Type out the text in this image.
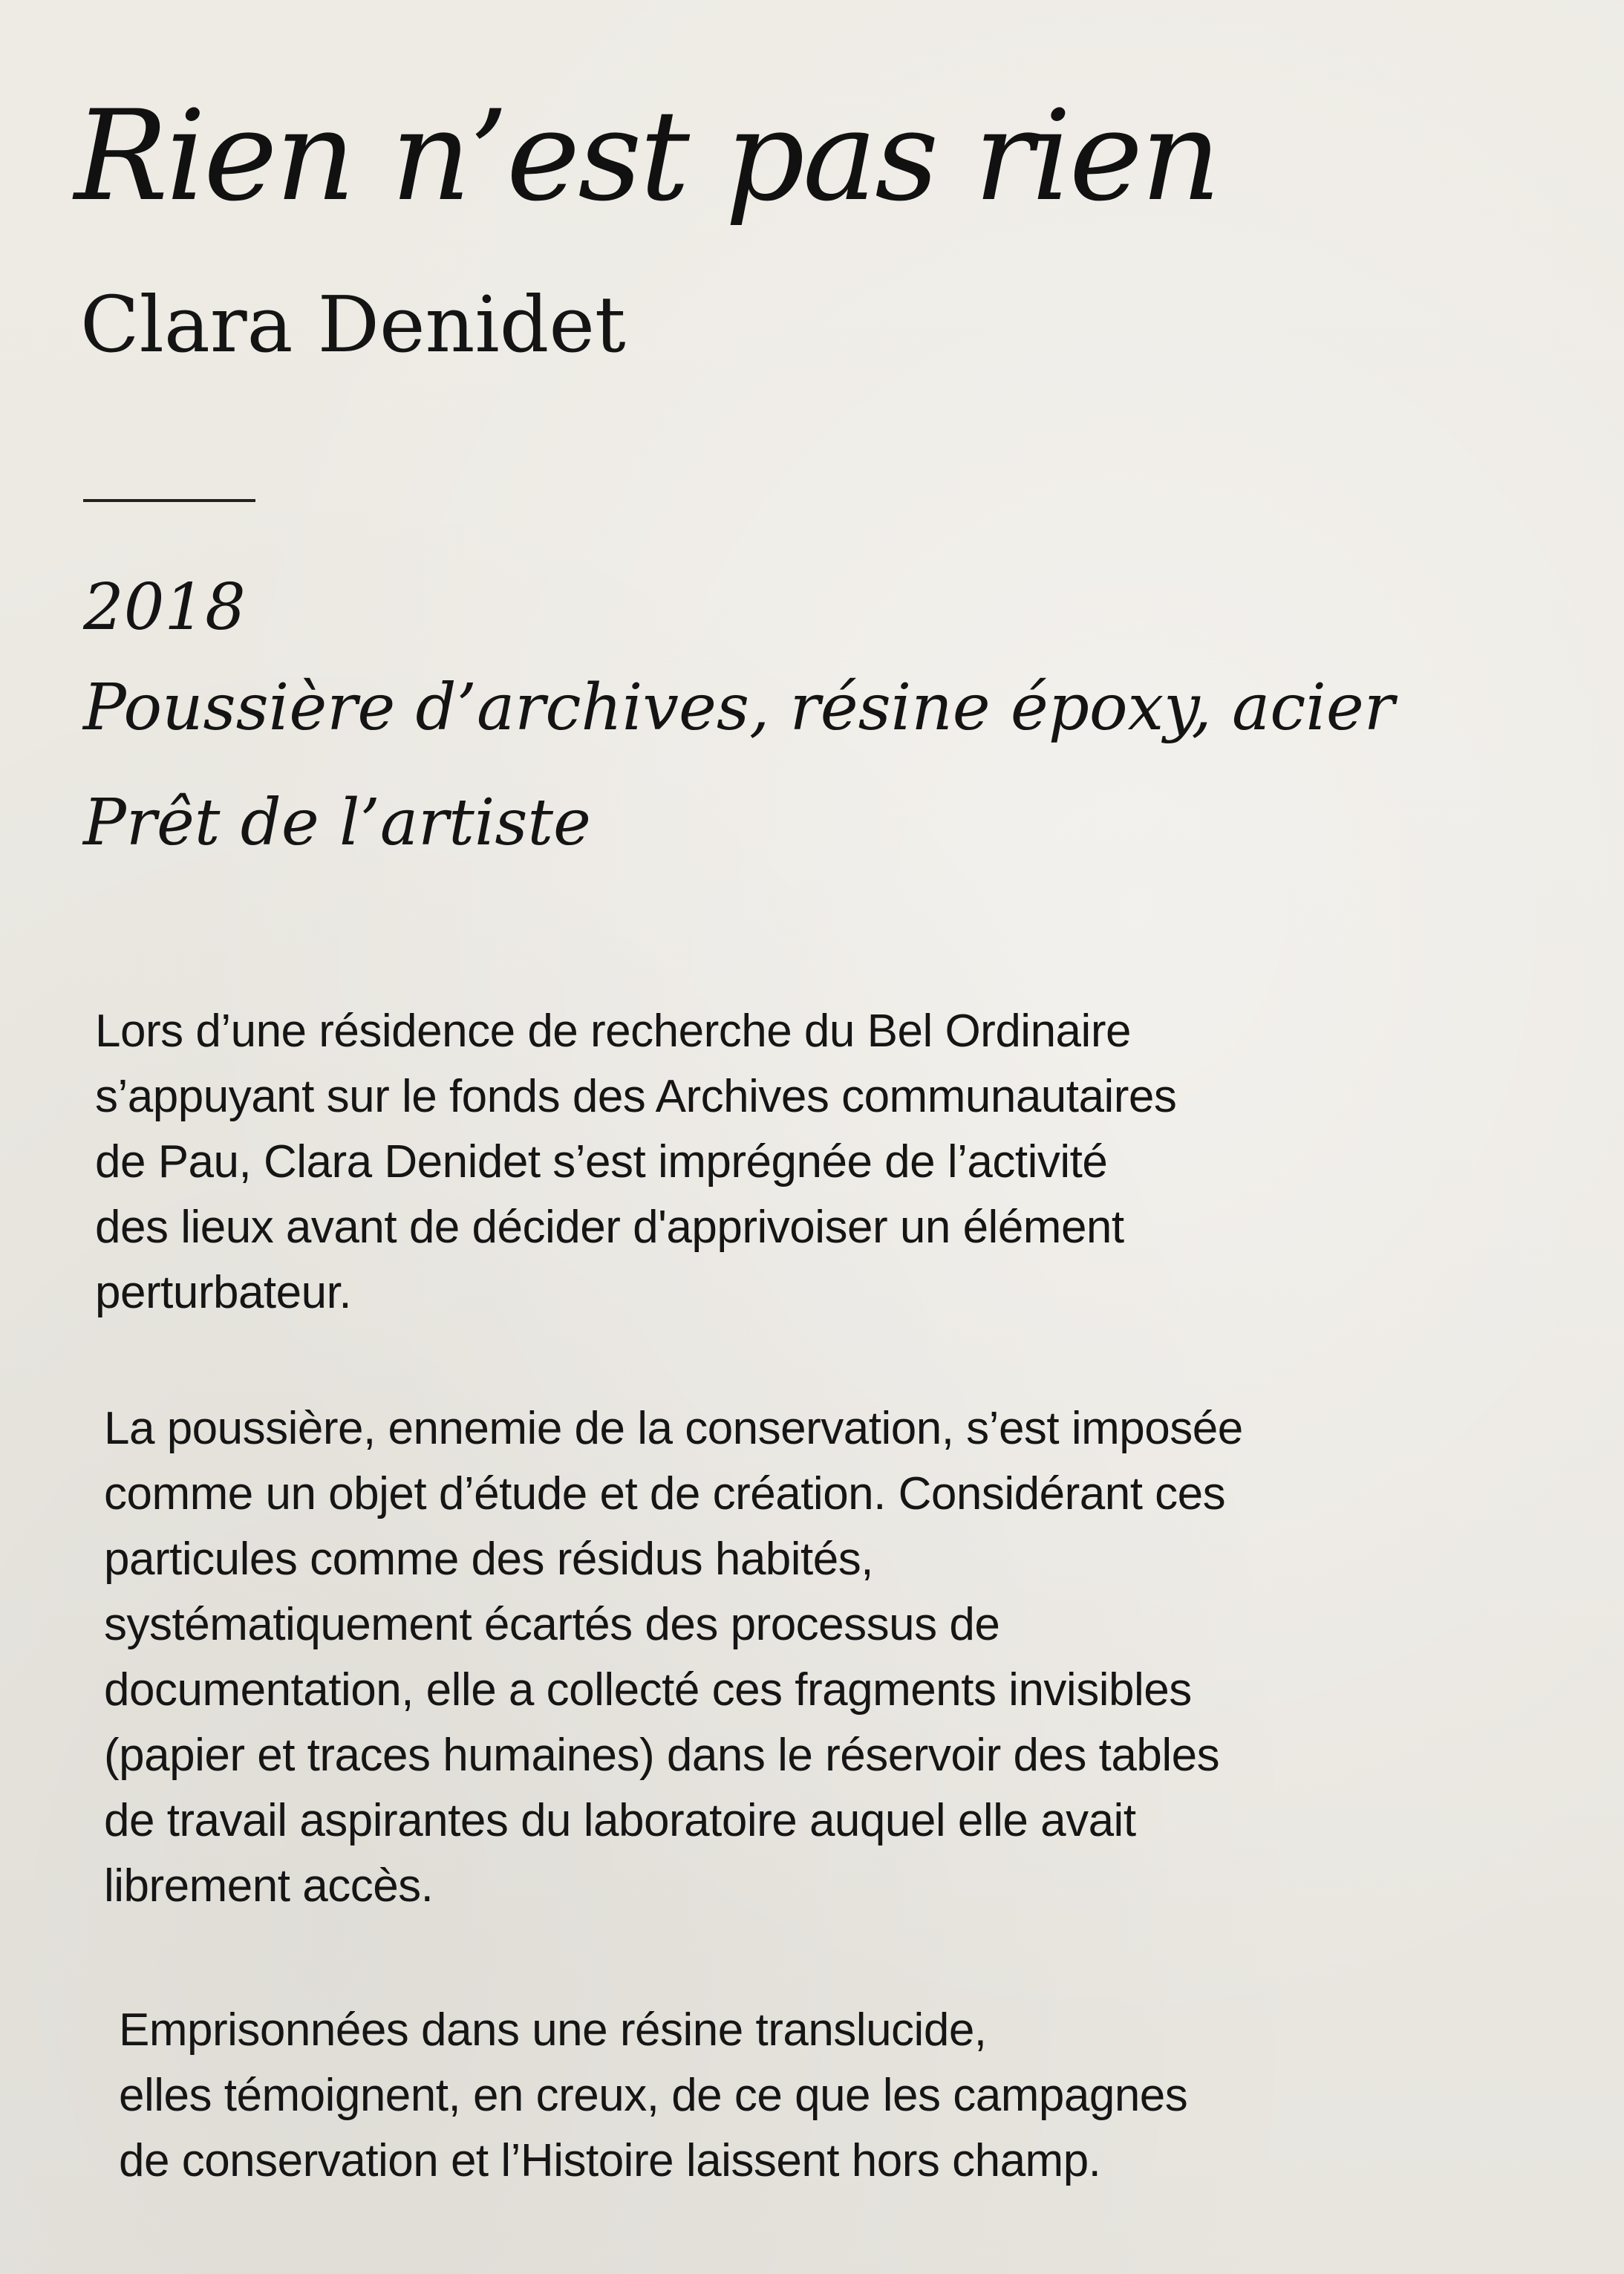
Rien n’est pas rien
Clara Denidet

2018

Poussière d’archives, résine époxy, acier

Prêt de l’artiste

Lors d’une résidence de recherche du Bel Ordinaire
s’appuyant sur le fonds des Archives communautaires
de Pau, Clara Denidet s’est imprégnée de l’activité
des lieux avant de décider d'apprivoiser un élément
perturbateur.

La poussière, ennemie de la conservation, s’est imposée
comme un objet d’étude et de création. Considérant ces
particules comme des résidus habités,
systématiquement écartés des processus de
documentation, elle a collecté ces fragments invisibles
(papier et traces humaines) dans le réservoir des tables
de travail aspirantes du laboratoire auquel elle avait
librement accès.

Emprisonnées dans une résine translucide,
elles témoignent, en creux, de ce que les campagnes
de conservation et l’Histoire laissent hors champ.
